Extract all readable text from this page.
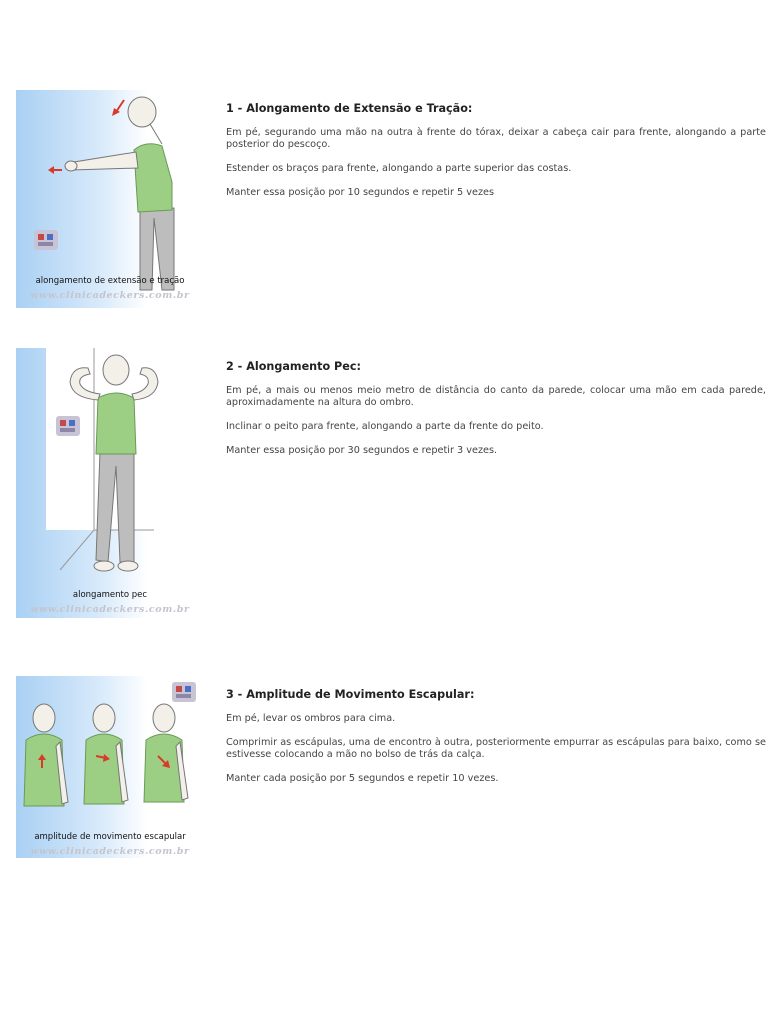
alongamento de extensão e tração
www.clinicadeckers.com.br
1 - Alongamento de Extensão e Tração:

Em pé, segurando uma mão na outra à frente do tórax, deixar a cabeça cair para frente, alongando a parte posterior do pescoço.

Estender os braços para frente, alongando a parte superior das costas.

Manter essa posição por 10 segundos e repetir 5 vezes

alongamento pec
www.clinicadeckers.com.br
2 - Alongamento Pec:

Em pé, a mais ou menos meio metro de distância do canto da parede, colocar uma mão em cada parede, aproximadamente na altura do ombro.

Inclinar o peito para frente, alongando a parte da frente do peito.

Manter essa posição por 30 segundos e repetir 3 vezes.

amplitude de movimento escapular
www.clinicadeckers.com.br
3 - Amplitude de Movimento Escapular:

Em pé, levar os ombros para cima.

Comprimir as escápulas, uma de encontro à outra, posteriormente empurrar as escápulas para baixo, como se estivesse colocando a mão no bolso de trás da calça.

Manter cada posição por 5 segundos e repetir 10 vezes.
